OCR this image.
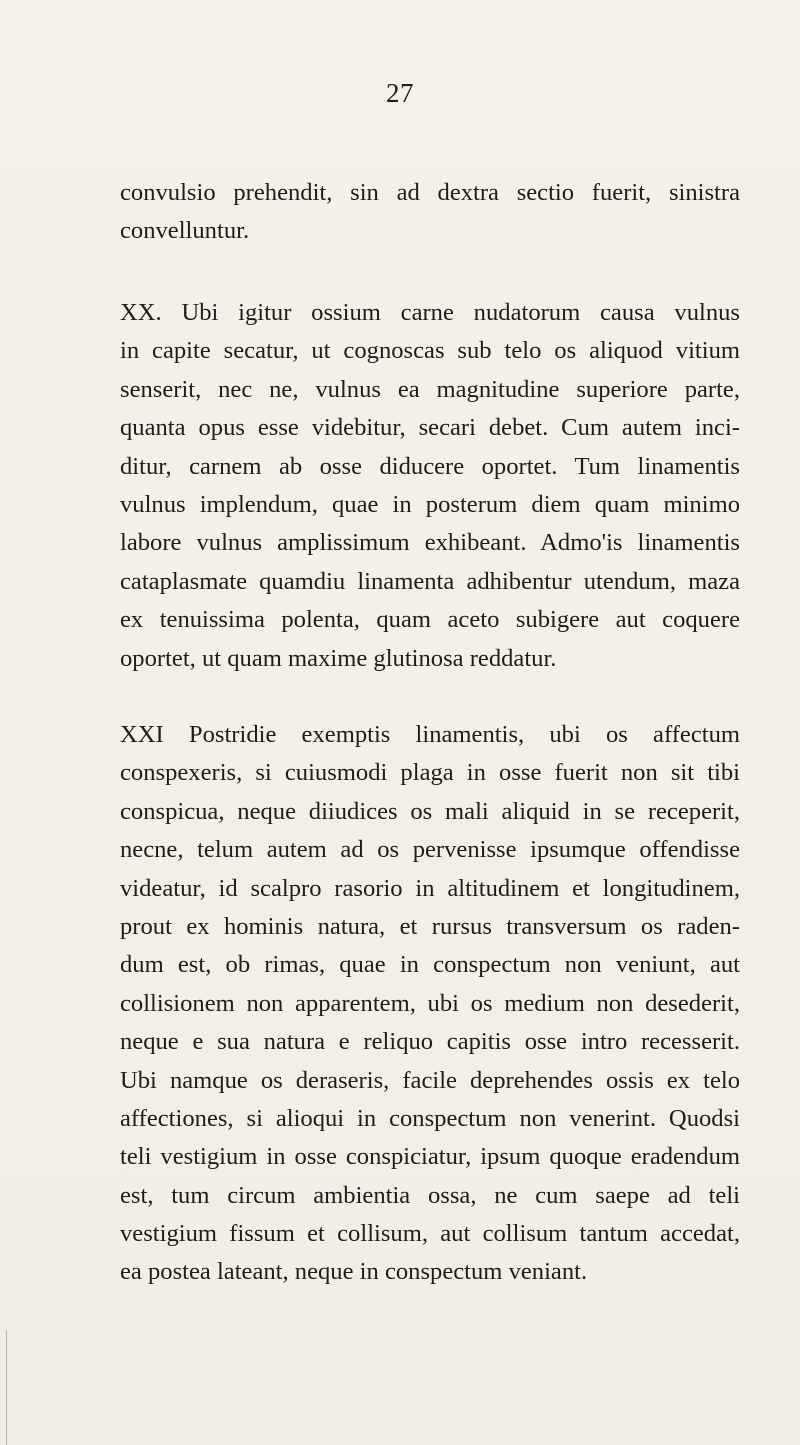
27
convulsio prehendit, sin ad dextra sectio fuerit, sinistra
convelluntur.
XX. Ubi igitur ossium carne nudatorum causa vulnus
in capite secatur, ut cognoscas sub telo os aliquod vitium
senserit, nec ne, vulnus ea magnitudine superiore parte,
quanta opus esse videbitur, secari debet. Cum autem inci-
ditur, carnem ab osse diducere oportet. Tum linamentis
vulnus implendum, quae in posterum diem quam minimo
labore vulnus amplissimum exhibeant. Admo'is linamentis
cataplasmate quamdiu linamenta adhibentur utendum, maza
ex tenuissima polenta, quam aceto subigere aut coquere
oportet, ut quam maxime glutinosa reddatur.
XXI Postridie exemptis linamentis, ubi os affectum
conspexeris, si cuiusmodi plaga in osse fuerit non sit tibi
conspicua, neque diiudices os mali aliquid in se receperit,
necne, telum autem ad os pervenisse ipsumque offendisse
videatur, id scalpro rasorio in altitudinem et longitudinem,
prout ex hominis natura, et rursus transversum os raden-
dum est, ob rimas, quae in conspectum non veniunt, aut
collisionem non apparentem, ubi os medium non desederit,
neque e sua natura e reliquo capitis osse intro recesserit.
Ubi namque os deraseris, facile deprehendes ossis ex telo
affectiones, si alioqui in conspectum non venerint. Quodsi
teli vestigium in osse conspiciatur, ipsum quoque eradendum
est, tum circum ambientia ossa, ne cum saepe ad teli
vestigium fissum et collisum, aut collisum tantum accedat,
ea postea lateant, neque in conspectum veniant.
